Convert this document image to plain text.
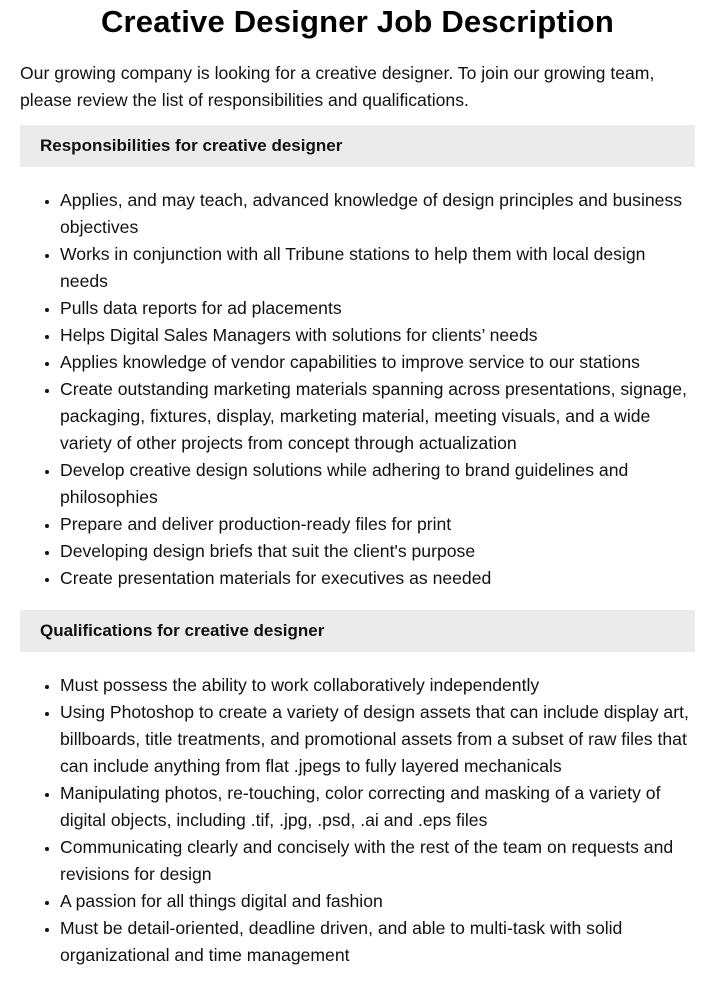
Creative Designer Job Description

Our growing company is looking for a creative designer. To join our growing team, please review the list of responsibilities and qualifications.

Responsibilities for creative designer
• Applies, and may teach, advanced knowledge of design principles and business objectives
• Works in conjunction with all Tribune stations to help them with local design needs
• Pulls data reports for ad placements
• Helps Digital Sales Managers with solutions for clients’ needs
• Applies knowledge of vendor capabilities to improve service to our stations
• Create outstanding marketing materials spanning across presentations, signage, packaging, fixtures, display, marketing material, meeting visuals, and a wide variety of other projects from concept through actualization
• Develop creative design solutions while adhering to brand guidelines and philosophies
• Prepare and deliver production-ready files for print
• Developing design briefs that suit the client's purpose
• Create presentation materials for executives as needed
Qualifications for creative designer
• Must possess the ability to work collaboratively independently
• Using Photoshop to create a variety of design assets that can include display art, billboards, title treatments, and promotional assets from a subset of raw files that can include anything from flat .jpegs to fully layered mechanicals
• Manipulating photos, re-touching, color correcting and masking of a variety of digital objects, including .tif, .jpg, .psd, .ai and .eps files
• Communicating clearly and concisely with the rest of the team on requests and revisions for design
• A passion for all things digital and fashion
• Must be detail-oriented, deadline driven, and able to multi-task with solid organizational and time management
